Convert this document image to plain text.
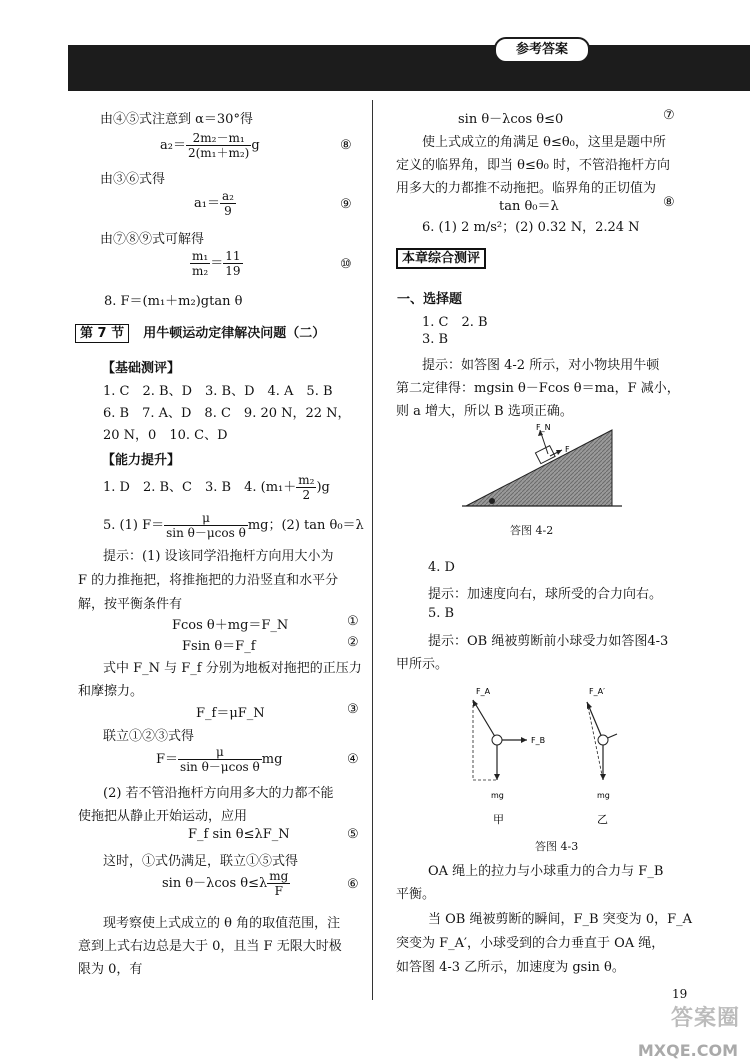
参考答案
由④⑤式注意到 α＝30°得
$a_2= \frac{\text{2m₂－m₁}}{\text{2(m₁＋m₂)}}$ g	⑧
由③⑥式得
$a_1= \frac{\text{a₂}}{9}$	⑨
由⑦⑧⑨式可解得
$\frac{\text{m₁}}{\text{m₂}} = \frac{11}{19}$	⑩
8. F＝(m₁＋m₂)gtan θ
第 7 节 用牛顿运动定律解决问题（二）
【基础测评】
1. C　2. B、D　3. B、D　4. A　5. B
6. B　7. A、D　8. C　9. 20 N，22 N，
20 N，0　10. C、D
【能力提升】
1. D　2. B、C　3. B　4. $(m_1+ \frac{\text{m₂}}{2} )g$
5. (1) $F= \frac{\mu}{\text{sin θ－μcos θ}}$ mg；(2) tan θ₀＝λ
提示：(1) 设该同学沿拖杆方向用大小为
F 的力推拖把，将推拖把的力沿竖直和水平分
解，按平衡条件有
Fcos θ＋mg＝F_N	①
Fsin θ＝F_f	②
式中 F_N 与 F_f 分别为地板对拖把的正压力
和摩擦力。
F_f＝μF_N	③
联立①②③式得
$F= \frac{\mu}{\text{sin θ－μcos θ}}$ mg	④
(2) 若不管沿拖杆方向用多大的力都不能
使拖把从静止开始运动，应用
F_f sin θ≤λF_N	⑤
这时，①式仍满足，联立①⑤式得
sin θ－λcos $\theta\le\lambda \frac{mg}{F}$	⑥
现考察使上式成立的 θ 角的取值范围，注
意到上式右边总是大于 0，且当 F 无限大时极
限为 0，有
sin θ－λcos θ≤0	⑦
使上式成立的角满足 θ≤θ₀，这里是题中所
定义的临界角，即当 θ≤θ₀ 时，不管沿拖杆方向
用多大的力都推不动拖把。临界角的正切值为
tan θ₀＝λ	⑧
6. (1) 2 m/s²；(2) 0.32 N，2.24 N
本章综合测评
一、选择题
1. C　2. B
3. B
提示：如答图 4-2 所示，对小物块用牛顿
第二定律得：mgsin θ－Fcos θ＝ma，F 减小，
则 a 增大，所以 B 选项正确。
F_N
F
答图 4-2
4. D
提示：加速度向右，球所受的合力向右。
5. B
提示：OB 绳被剪断前小球受力如答图4-3
甲所示。
F_A
F_B
mg
F_A′
mg
甲	乙
答图 4-3
OA 绳上的拉力与小球重力的合力与 F_B
平衡。
当 OB 绳被剪断的瞬间，F_B 突变为 0，F_A
突变为 F_A′，小球受到的合力垂直于 OA 绳，
如答图 4-3 乙所示，加速度为 gsin θ。
19
答案圈
MXQE.COM
